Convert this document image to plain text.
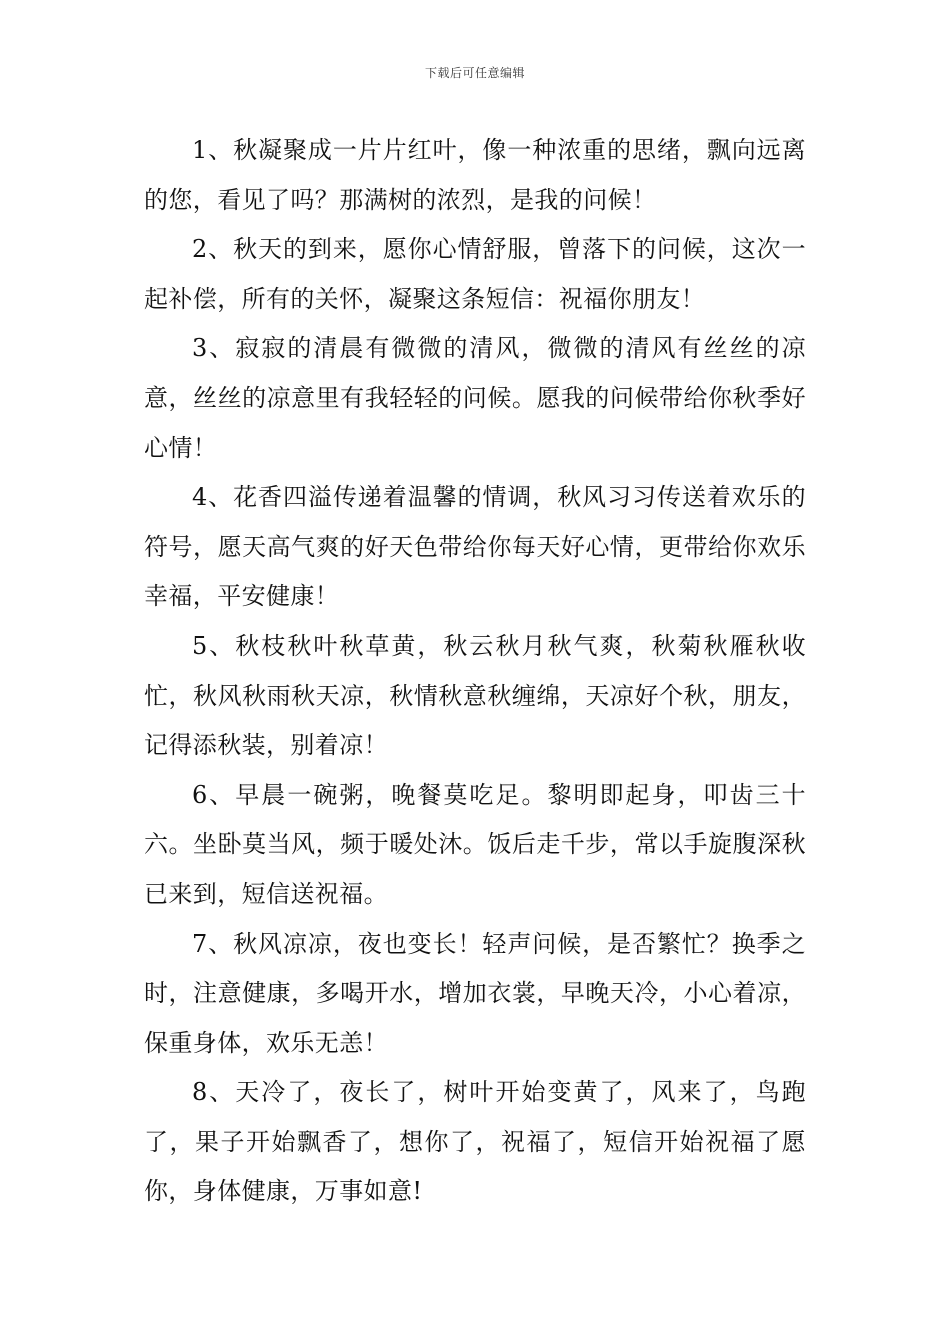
下载后可任意编辑

1、秋凝聚成一片片红叶，像一种浓重的思绪，飘向远离的您，看见了吗？那满树的浓烈，是我的问候！

2、秋天的到来，愿你心情舒服，曾落下的问候，这次一起补偿，所有的关怀，凝聚这条短信：祝福你朋友！

3、寂寂的清晨有微微的清风，微微的清风有丝丝的凉意，丝丝的凉意里有我轻轻的问候。愿我的问候带给你秋季好心情！

4、花香四溢传递着温馨的情调，秋风习习传送着欢乐的符号，愿天高气爽的好天色带给你每天好心情，更带给你欢乐幸福，平安健康！

5、秋枝秋叶秋草黄，秋云秋月秋气爽，秋菊秋雁秋收忙，秋风秋雨秋天凉，秋情秋意秋缠绵，天凉好个秋，朋友，记得添秋装，别着凉！

6、早晨一碗粥，晚餐莫吃足。黎明即起身，叩齿三十六。坐卧莫当风，频于暖处沐。饭后走千步，常以手旋腹深秋已来到，短信送祝福。

7、秋风凉凉，夜也变长！轻声问候，是否繁忙？换季之时，注意健康，多喝开水，增加衣裳，早晚天冷，小心着凉，保重身体，欢乐无恙！

8、天冷了，夜长了，树叶开始变黄了，风来了，鸟跑了，果子开始飘香了，想你了，祝福了，短信开始祝福了愿你，身体健康，万事如意!
